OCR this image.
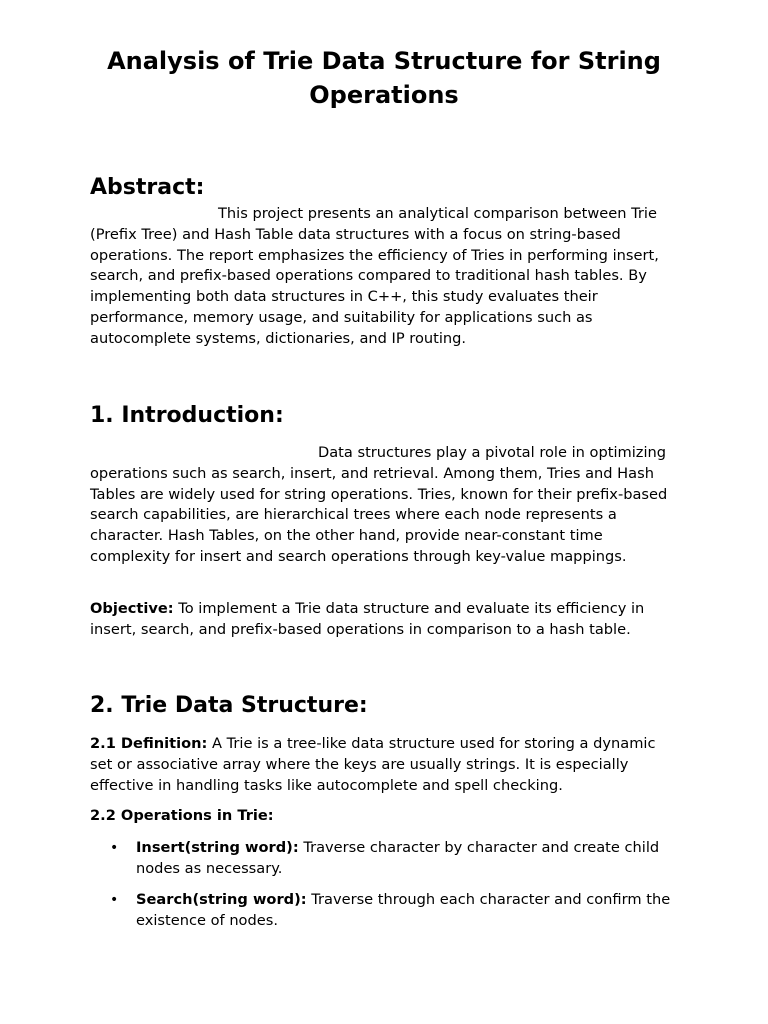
Analysis of Trie Data Structure for String Operations
Abstract:

This project presents an analytical comparison between Trie (Prefix Tree) and Hash Table data structures with a focus on string-based operations. The report emphasizes the efficiency of Tries in performing insert, search, and prefix-based operations compared to traditional hash tables. By implementing both data structures in C++, this study evaluates their performance, memory usage, and suitability for applications such as autocomplete systems, dictionaries, and IP routing.

1. Introduction:

Data structures play a pivotal role in optimizing operations such as search, insert, and retrieval. Among them, Tries and Hash Tables are widely used for string operations. Tries, known for their prefix-based search capabilities, are hierarchical trees where each node represents a character. Hash Tables, on the other hand, provide near-constant time complexity for insert and search operations through key-value mappings.

Objective: To implement a Trie data structure and evaluate its efficiency in insert, search, and prefix-based operations in comparison to a hash table.

2. Trie Data Structure:

2.1 Definition: A Trie is a tree-like data structure used for storing a dynamic set or associative array where the keys are usually strings. It is especially effective in handling tasks like autocomplete and spell checking.

2.2 Operations in Trie:

• Insert(string word): Traverse character by character and create child nodes as necessary.
• Search(string word): Traverse through each character and confirm the existence of nodes.
